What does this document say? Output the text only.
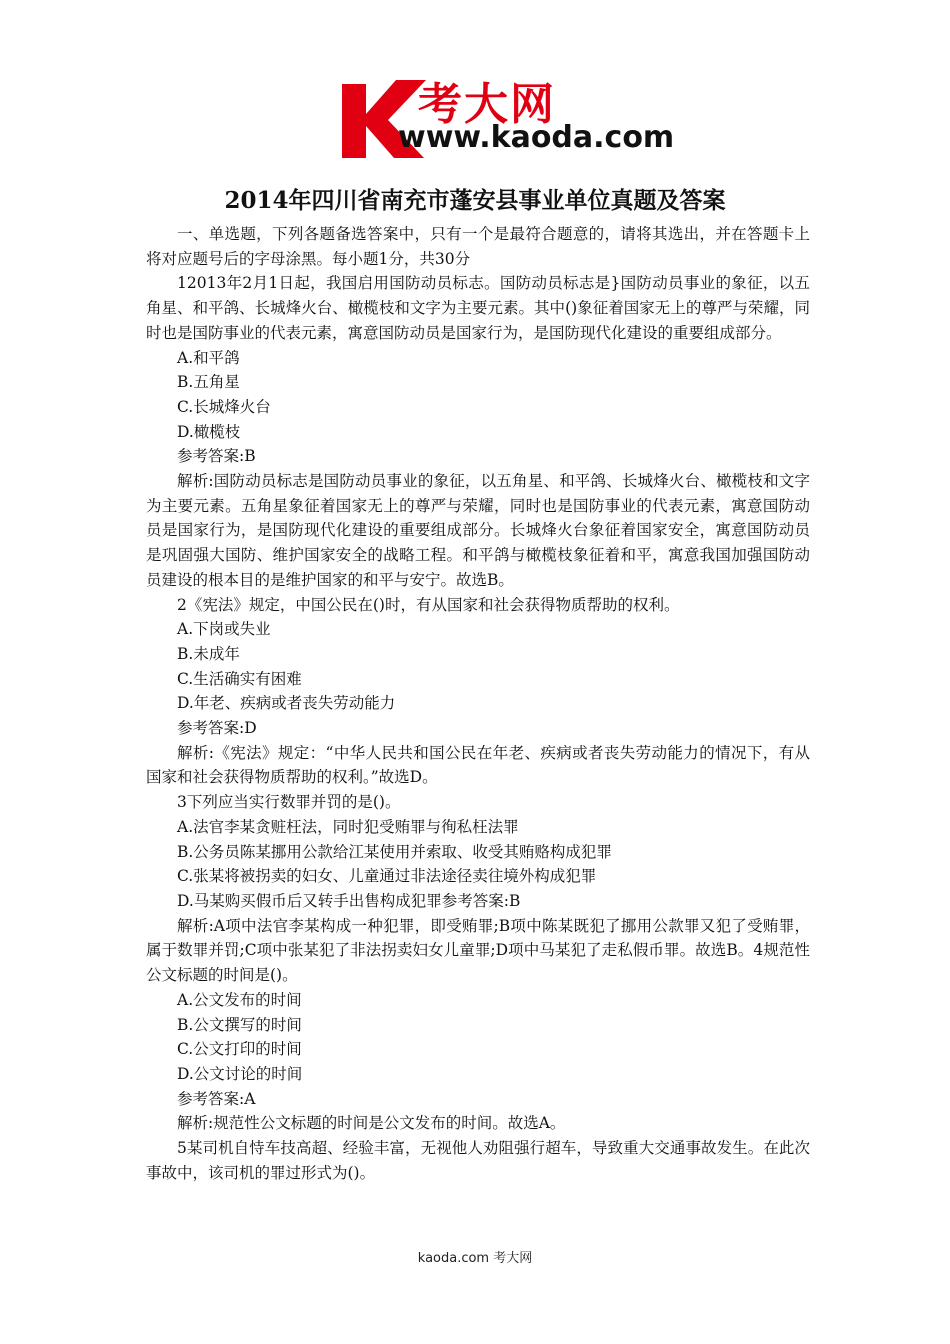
考大网
www.kaoda.com
2014年四川省南充市蓬安县事业单位真题及答案

一、单选题，下列各题备选答案中，只有一个是最符合题意的，请将其选出，并在答题卡上将对应题号后的字母涂黑。每小题1分，共30分

12013年2月1日起，我国启用国防动员标志。国防动员标志是}国防动员事业的象征，以五角星、和平鸽、长城烽火台、橄榄枝和文字为主要元素。其中()象征着国家无上的尊严与荣耀，同时也是国防事业的代表元素，寓意国防动员是国家行为，是国防现代化建设的重要组成部分。

A.和平鸽

B.五角星

C.长城烽火台

D.橄榄枝

参考答案:B

解析:国防动员标志是国防动员事业的象征，以五角星、和平鸽、长城烽火台、橄榄枝和文字为主要元素。五角星象征着国家无上的尊严与荣耀，同时也是国防事业的代表元素，寓意国防动员是国家行为，是国防现代化建设的重要组成部分。长城烽火台象征着国家安全，寓意国防动员是巩固强大国防、维护国家安全的战略工程。和平鸽与橄榄枝象征着和平，寓意我国加强国防动员建设的根本目的是维护国家的和平与安宁。故选B。

2《宪法》规定，中国公民在()时，有从国家和社会获得物质帮助的权利。

A.下岗或失业

B.未成年

C.生活确实有困难

D.年老、疾病或者丧失劳动能力

参考答案:D

解析:《宪法》规定：“中华人民共和国公民在年老、疾病或者丧失劳动能力的情况下，有从国家和社会获得物质帮助的权利。”故选D。

3下列应当实行数罪并罚的是()。

A.法官李某贪赃枉法，同时犯受贿罪与徇私枉法罪

B.公务员陈某挪用公款给江某使用并索取、收受其贿赂构成犯罪

C.张某将被拐卖的妇女、儿童通过非法途径卖往境外构成犯罪

D.马某购买假币后又转手出售构成犯罪参考答案:B

解析:A项中法官李某构成一种犯罪，即受贿罪;B项中陈某既犯了挪用公款罪又犯了受贿罪，属于数罪并罚;C项中张某犯了非法拐卖妇女儿童罪;D项中马某犯了走私假币罪。故选B。4规范性公文标题的时间是()。

A.公文发布的时间

B.公文撰写的时间

C.公文打印的时间

D.公文讨论的时间

参考答案:A

解析:规范性公文标题的时间是公文发布的时间。故选A。

5某司机自恃车技高超、经验丰富，无视他人劝阻强行超车，导致重大交通事故发生。在此次事故中，该司机的罪过形式为()。

kaoda.com 考大网
